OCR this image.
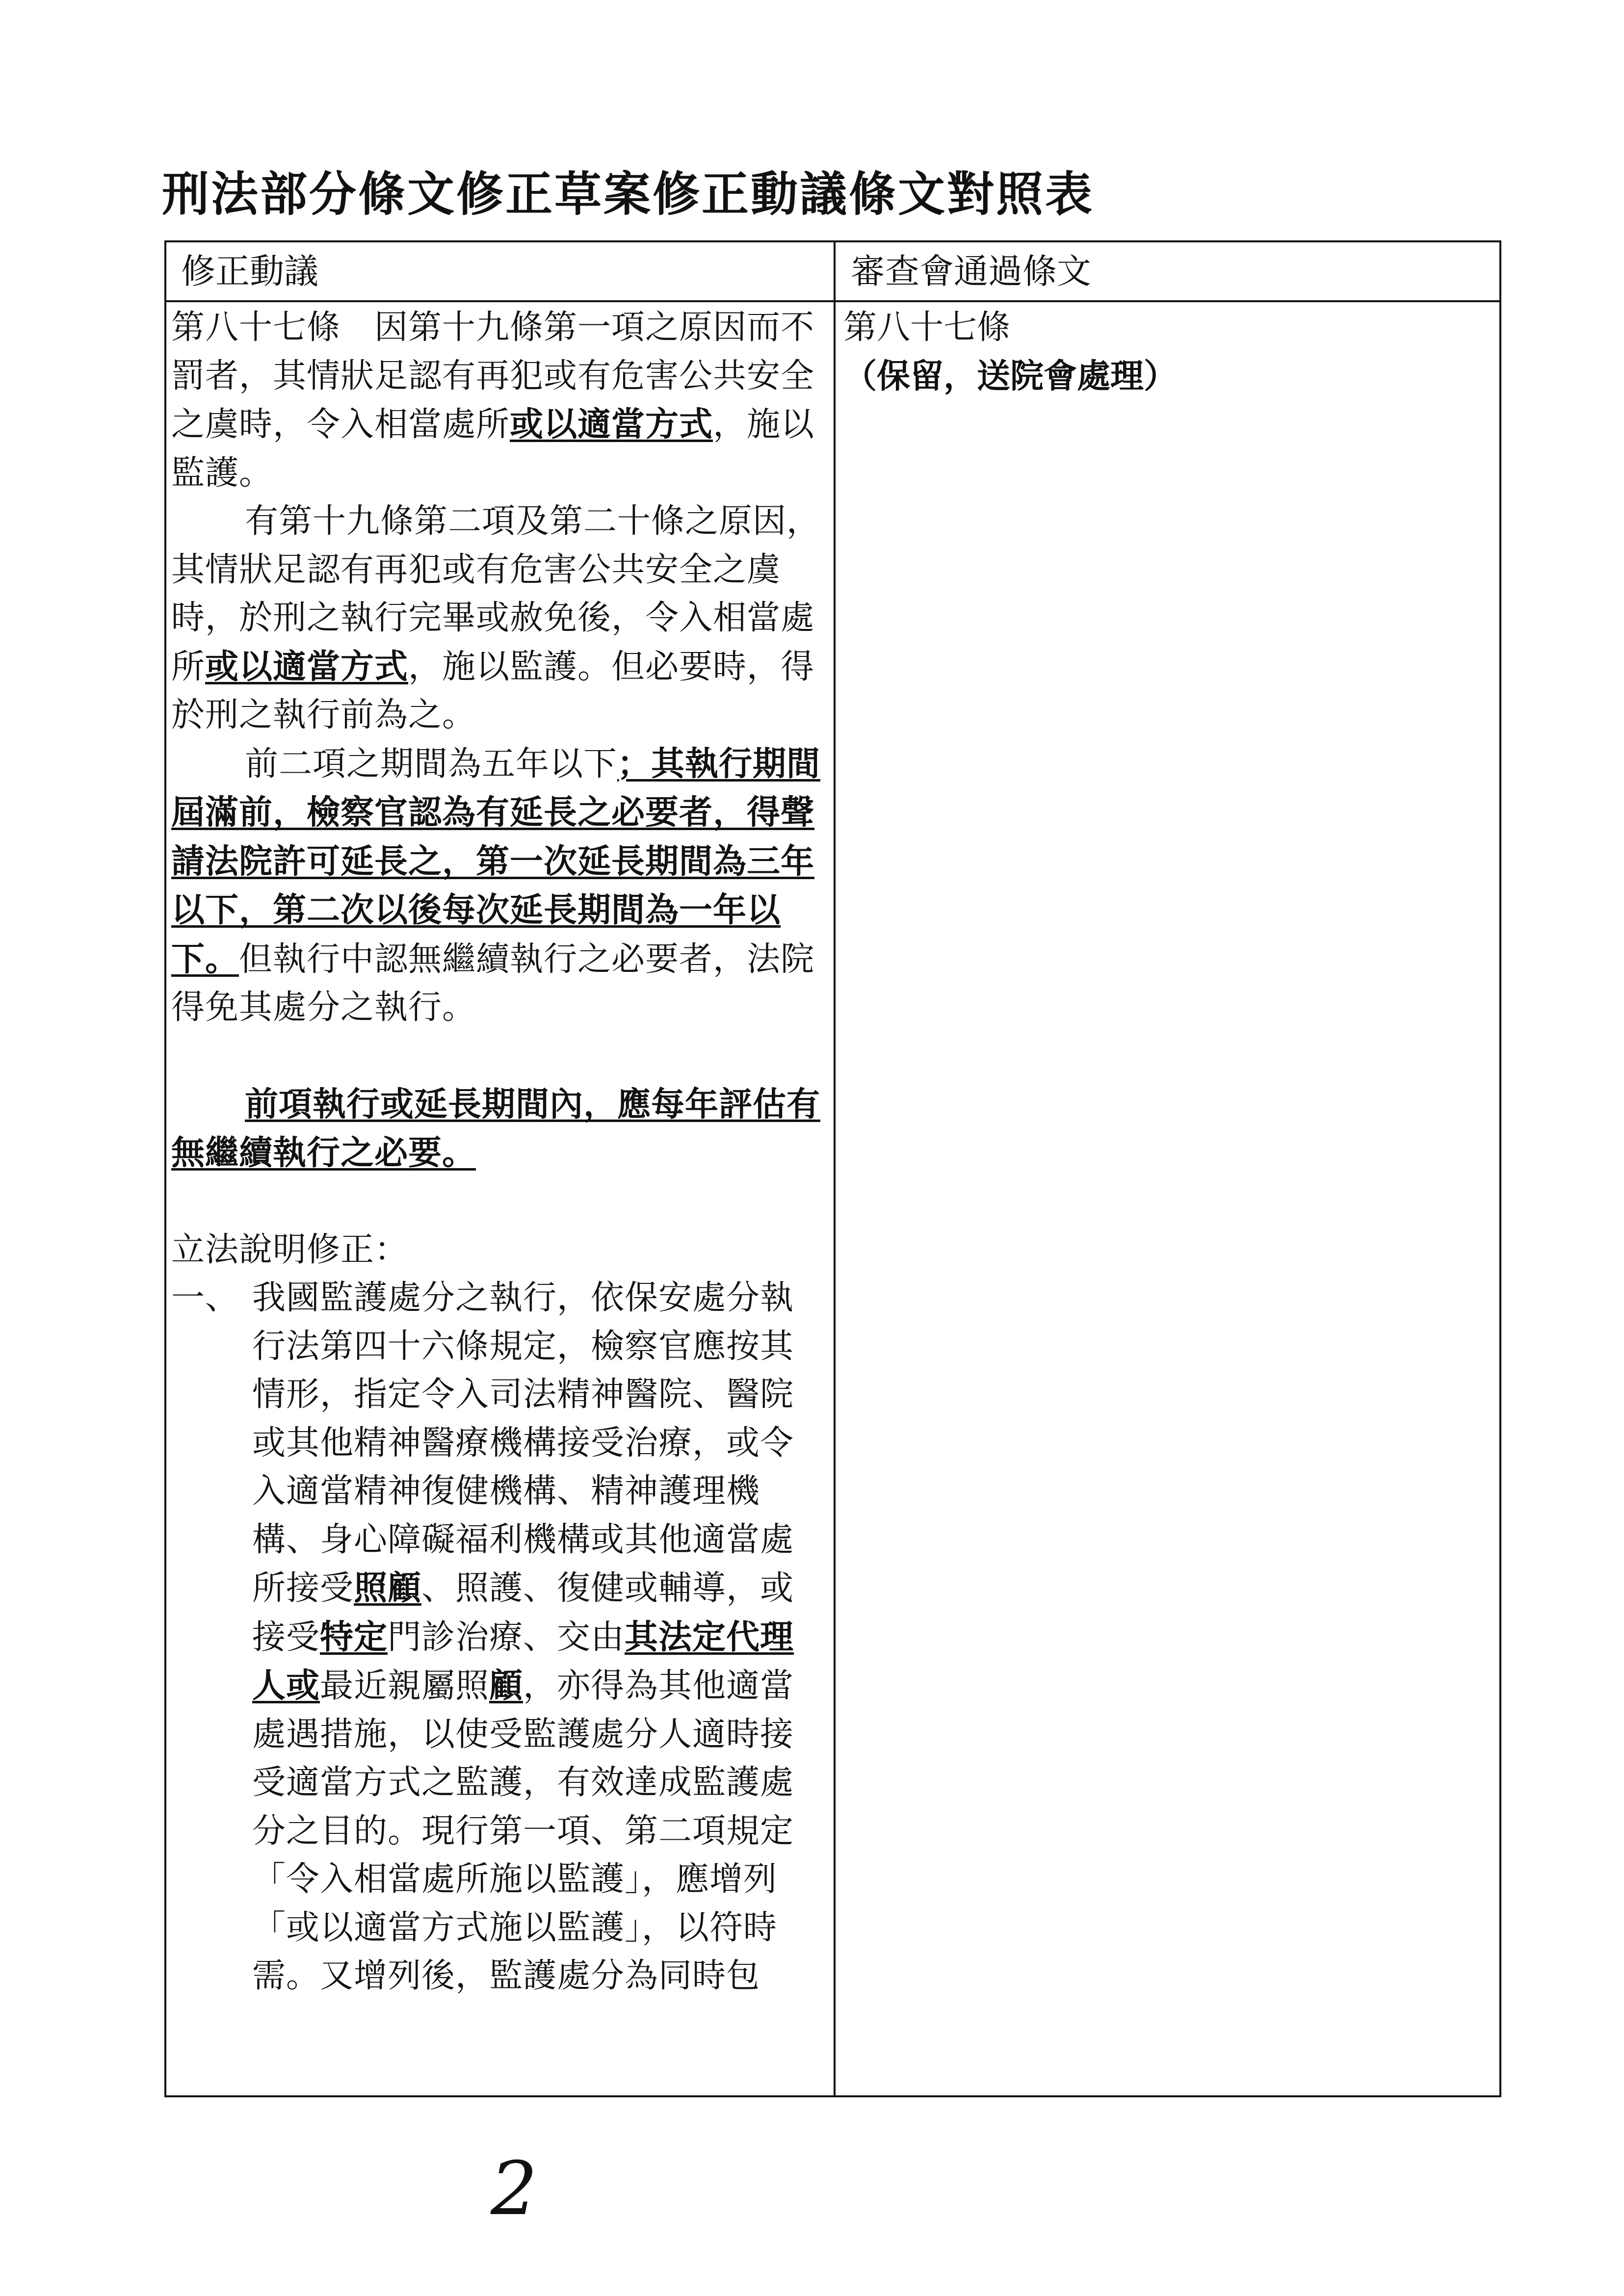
刑法部分條文修正草案修正動議條文對照表
修正動議	審查會通過條文

第八十七條　因第十九條第一項之原因而不罰者，其情狀足認有再犯或有危害公共安全之虞時，令入相當處所或以適當方式，施以監護。

有第十九條第二項及第二十條之原因，其情狀足認有再犯或有危害公共安全之虞時，於刑之執行完畢或赦免後，令入相當處所或以適當方式，施以監護。但必要時，得於刑之執行前為之。

前二項之期間為五年以下；其執行期間屆滿前，檢察官認為有延長之必要者，得聲請法院許可延長之，第一次延長期間為三年以下，第二次以後每次延長期間為一年以下。但執行中認無繼續執行之必要者，法院得免其處分之執行。

前項執行或延長期間內，應每年評估有無繼續執行之必要。

立法說明修正：

一、 我國監護處分之執行，依保安處分執行法第四十六條規定，檢察官應按其情形，指定令入司法精神醫院、醫院或其他精神醫療機構接受治療，或令入適當精神復健機構、精神護理機構、身心障礙福利機構或其他適當處所接受照顧、照護、復健或輔導，或接受特定門診治療、交由其法定代理人或最近親屬照顧，亦得為其他適當處遇措施，以使受監護處分人適時接受適當方式之監護，有效達成監護處分之目的。現行第一項、第二項規定「令入相當處所施以監護」，應增列「或以適當方式施以監護」，以符時需。又增列後，監護處分為同時包
第八十七條
（保留，送院會處理）
2
